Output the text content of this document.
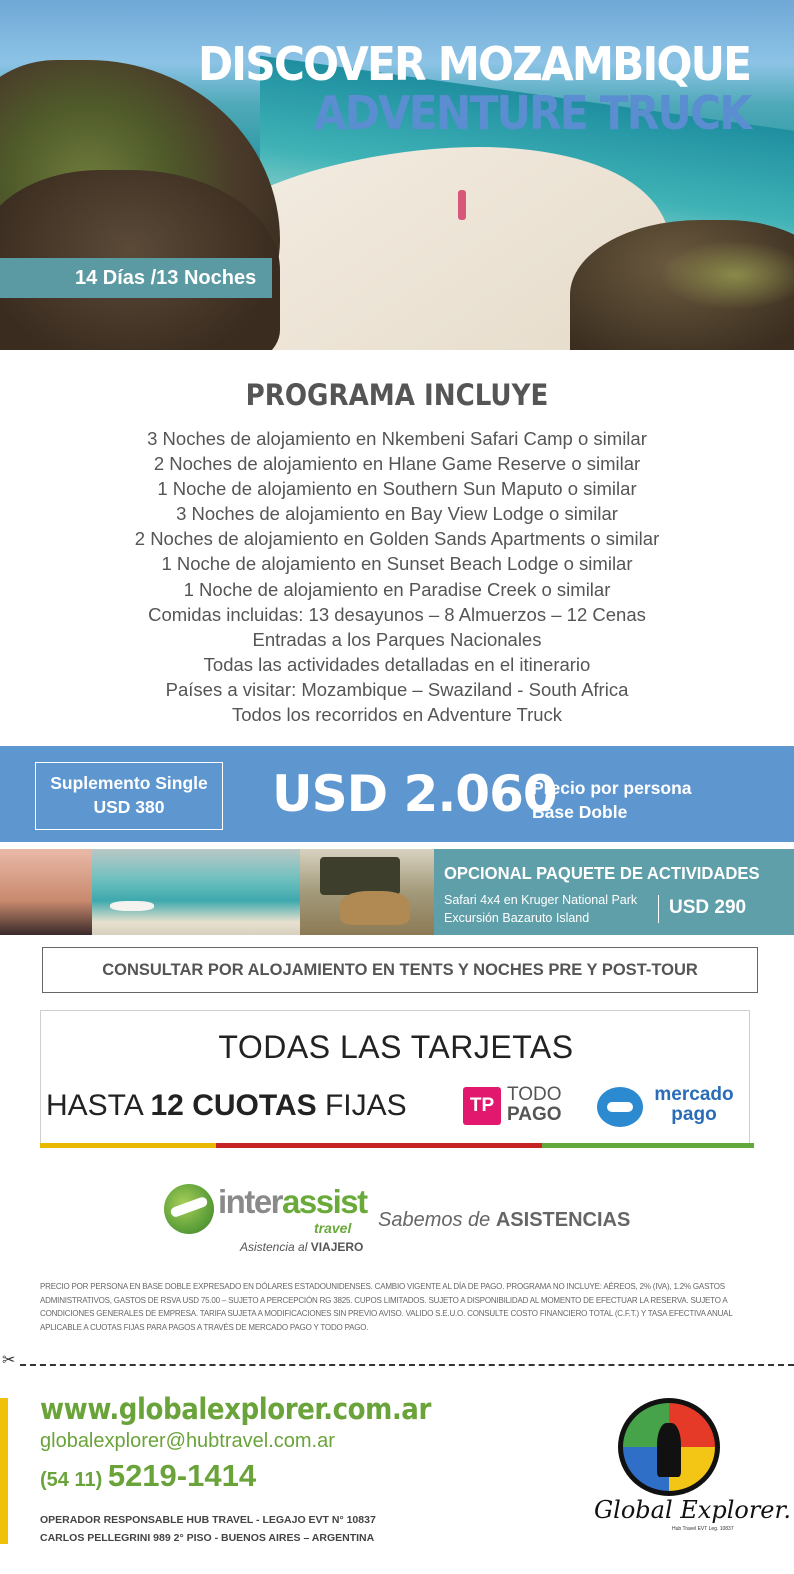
DISCOVER MOZAMBIQUE
ADVENTURE TRUCK
14 Días /13 Noches
PROGRAMA INCLUYE
3 Noches de alojamiento en Nkembeni Safari Camp o similar
2 Noches de alojamiento en Hlane Game Reserve o similar
1 Noche de alojamiento en Southern Sun Maputo o similar
3 Noches de alojamiento en Bay View Lodge o similar
2 Noches de alojamiento en Golden Sands Apartments o similar
1 Noche de alojamiento en Sunset Beach Lodge o similar
1 Noche de alojamiento en Paradise Creek o similar
Comidas incluidas: 13 desayunos – 8 Almuerzos – 12 Cenas
Entradas a los Parques Nacionales
Todas las actividades detalladas en el itinerario
Países a visitar: Mozambique – Swaziland - South Africa
Todos los recorridos en Adventure Truck
Suplemento Single
USD 380	USD 2.060
Precio por persona
Base Doble
OPCIONAL PAQUETE DE ACTIVIDADES
Safari 4x4 en Kruger National Park
Excursión Bazaruto Island	USD 290
CONSULTAR POR ALOJAMIENTO EN TENTS Y NOCHES PRE Y POST-TOUR
TODAS LAS TARJETAS
HASTA 12 CUOTAS FIJAS	TP
TODO
PAGO
mercado
pago
interassist
travel
Asistencia al VIAJERO
Sabemos de ASISTENCIAS
PRECIO POR PERSONA EN BASE DOBLE EXPRESADO EN DÓLARES ESTADOUNIDENSES. CAMBIO VIGENTE AL DÍA DE PAGO. PROGRAMA NO INCLUYE: AÉREOS, 2% (IVA), 1.2% GASTOS ADMINISTRATIVOS, GASTOS DE RSVA USD 75.00 – SUJETO A PERCEPCIÓN RG 3825. CUPOS LIMITADOS. SUJETO A DISPONIBILIDAD AL MOMENTO DE EFECTUAR LA RESERVA. SUJETO A CONDICIONES GENERALES DE EMPRESA. TARIFA SUJETA A MODIFICACIONES SIN PREVIO AVISO. VALIDO S.E.U.O. CONSULTE COSTO FINANCIERO TOTAL (C.F.T.) Y TASA EFECTIVA ANUAL APLICABLE A CUOTAS FIJAS PARA PAGOS A TRAVÉS DE MERCADO PAGO Y TODO PAGO.
✂
www.globalexplorer.com.ar
globalexplorer@hubtravel.com.ar
(54 11) 5219-1414
OPERADOR RESPONSABLE HUB TRAVEL - LEGAJO EVT N° 10837
CARLOS PELLEGRINI 989 2° PISO - BUENOS AIRES – ARGENTINA
Global Explorer.
Hub Travel EVT Leg. 10837
